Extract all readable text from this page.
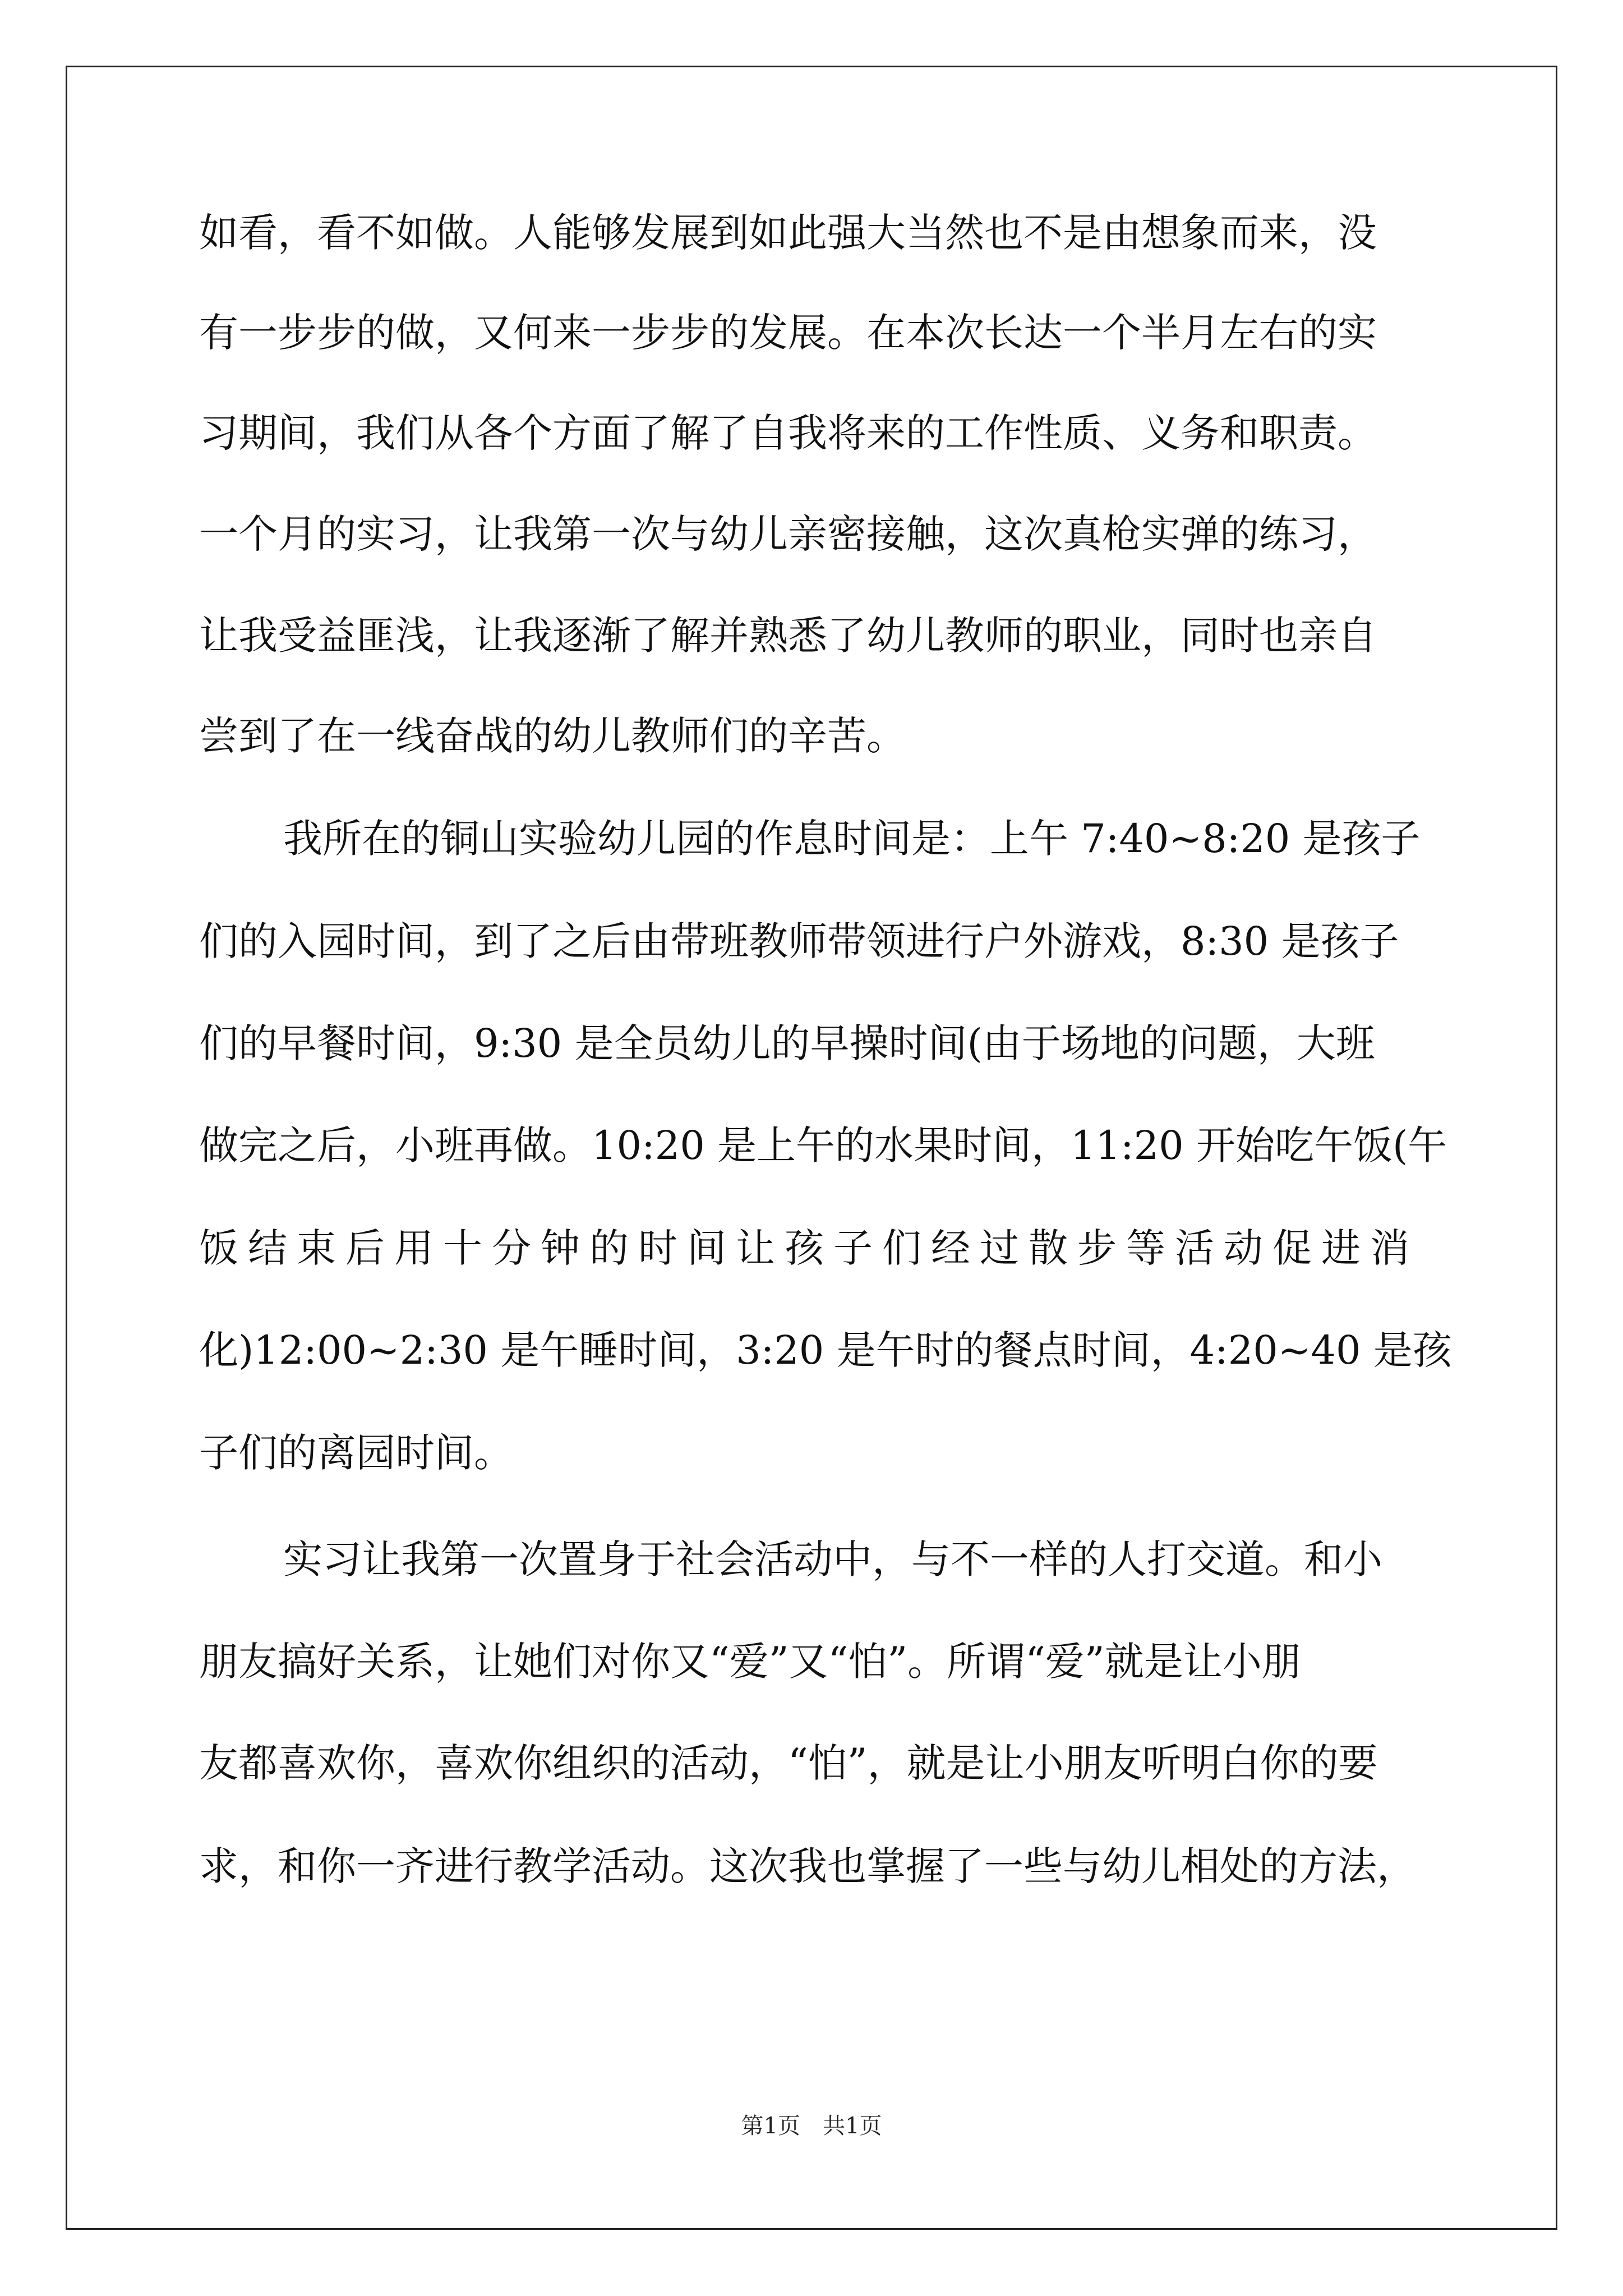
如看，看不如做。人能够发展到如此强大当然也不是由想象而来，没
有一步步的做，又何来一步步的发展。在本次长达一个半月左右的实
习期间，我们从各个方面了解了自我将来的工作性质、义务和职责。
一个月的实习，让我第一次与幼儿亲密接触，这次真枪实弹的练习，
让我受益匪浅，让我逐渐了解并熟悉了幼儿教师的职业，同时也亲自
尝到了在一线奋战的幼儿教师们的辛苦。
我所在的铜山实验幼儿园的作息时间是：上午 7:40~8:20 是孩子
们的入园时间，到了之后由带班教师带领进行户外游戏，8:30 是孩子
们的早餐时间，9:30 是全员幼儿的早操时间(由于场地的问题，大班
做完之后，小班再做。10:20 是上午的水果时间，11:20 开始吃午饭(午
饭结束后用十分钟的时间让孩子们经过散步等活动促进消
化)12:00~2:30 是午睡时间，3:20 是午时的餐点时间，4:20~40 是孩
子们的离园时间。
实习让我第一次置身于社会活动中，与不一样的人打交道。和小
朋友搞好关系，让她们对你又“爱”又“怕”。所谓“爱”就是让小朋
友都喜欢你，喜欢你组织的活动，“怕”，就是让小朋友听明白你的要
求，和你一齐进行教学活动。这次我也掌握了一些与幼儿相处的方法，
第1页　共1页
